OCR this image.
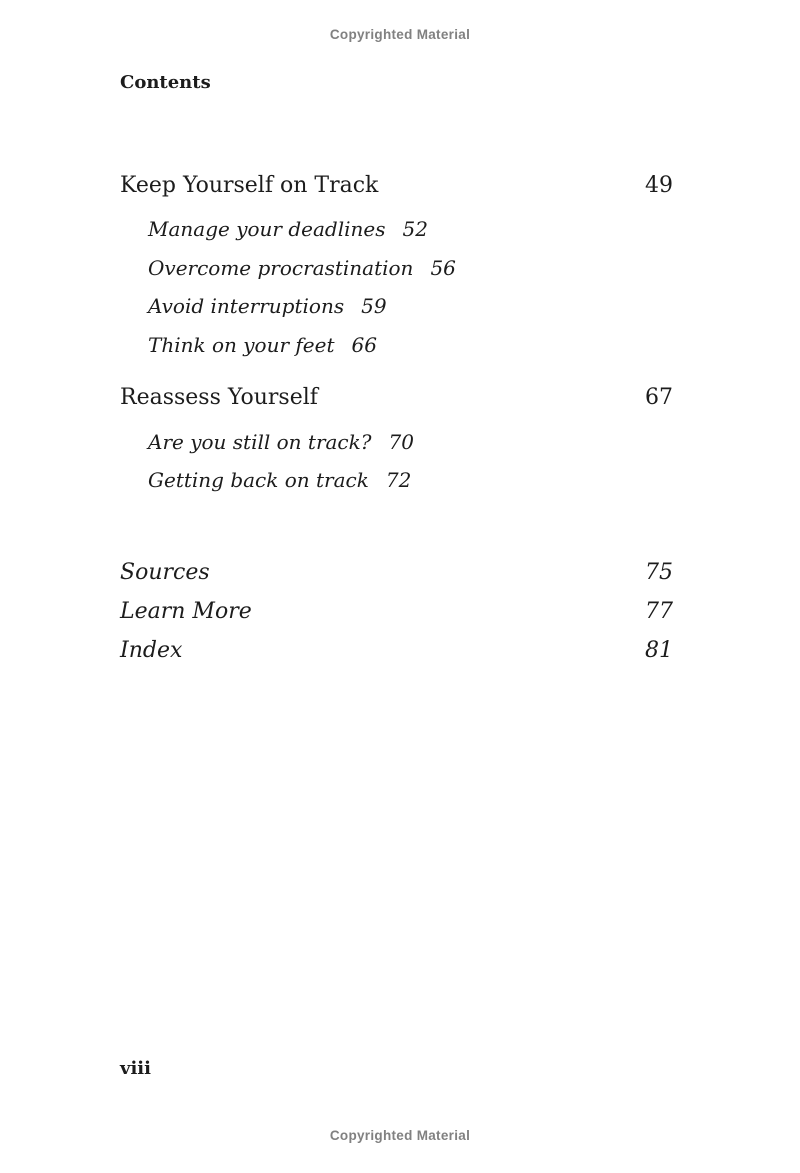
Copyrighted Material
Contents
Keep Yourself on Track	49
Manage your deadlines 52
Overcome procrastination 56
Avoid interruptions 59
Think on your feet 66
Reassess Yourself	67
Are you still on track? 70
Getting back on track 72
Sources	75
Learn More	77
Index	81
viii
Copyrighted Material
